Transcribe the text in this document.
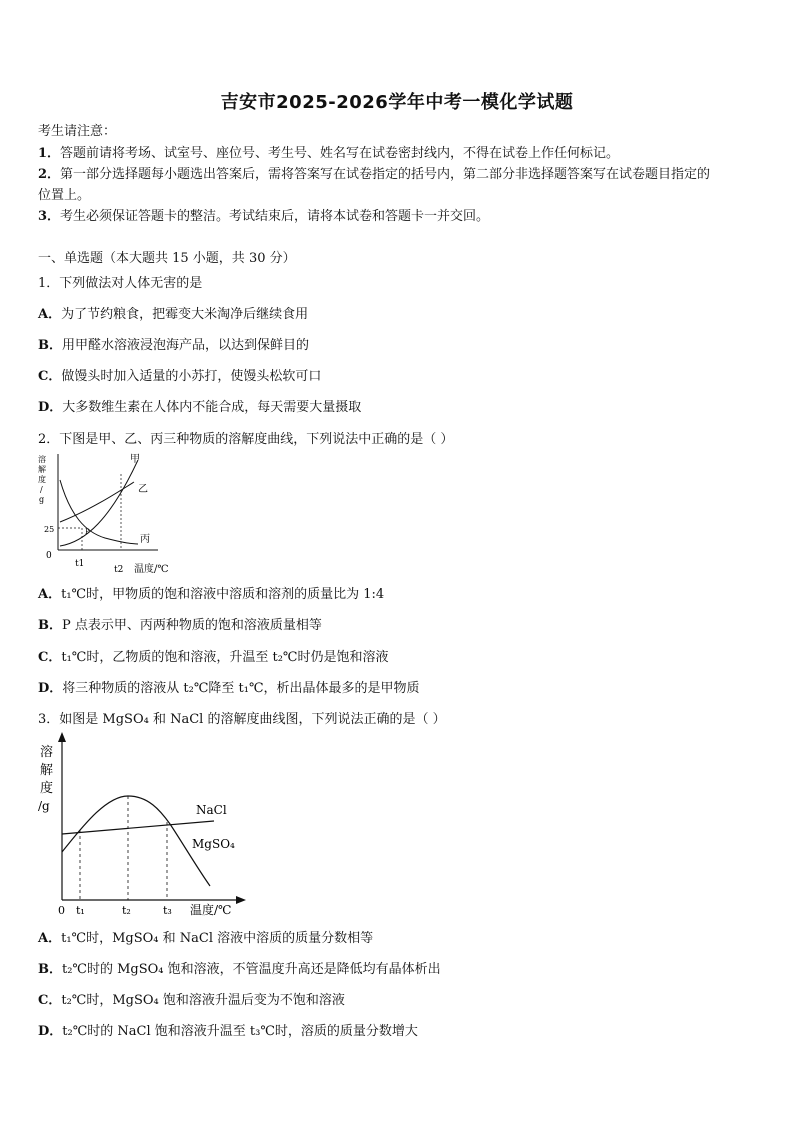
吉安市2025-2026学年中考一模化学试题
考生请注意：
1．答题前请将考场、试室号、座位号、考生号、姓名写在试卷密封线内，不得在试卷上作任何标记。
2．第一部分选择题每小题选出答案后，需将答案写在试卷指定的括号内，第二部分非选择题答案写在试卷题目指定的
位置上。
3．考生必须保证答题卡的整洁。考试结束后，请将本试卷和答题卡一并交回。
一、单选题（本大题共 15 小题，共 30 分）
1．下列做法对人体无害的是
A．为了节约粮食，把霉变大米淘净后继续食用
B．用甲醛水溶液浸泡海产品，以达到保鲜目的
C．做馒头时加入适量的小苏打，使馒头松软可口
D．大多数维生素在人体内不能合成，每天需要大量摄取
2．下图是甲、乙、丙三种物质的溶解度曲线，下列说法中正确的是（ ）
溶
解
度
/
g
25
0
t1
t2 温度/℃
P
甲
乙
丙
A．t₁℃时，甲物质的饱和溶液中溶质和溶剂的质量比为 1:4
B．P 点表示甲、丙两种物质的饱和溶液质量相等
C．t₁℃时，乙物质的饱和溶液，升温至 t₂℃时仍是饱和溶液
D．将三种物质的溶液从 t₂℃降至 t₁℃，析出晶体最多的是甲物质
3．如图是 MgSO₄ 和 NaCl 的溶解度曲线图，下列说法正确的是（ ）
溶
解
度
/g
0 t₁	t₂	t₃ 温度/℃
NaCl
MgSO₄
A．t₁℃时，MgSO₄ 和 NaCl 溶液中溶质的质量分数相等
B．t₂℃时的 MgSO₄ 饱和溶液，不管温度升高还是降低均有晶体析出
C．t₂℃时，MgSO₄ 饱和溶液升温后变为不饱和溶液
D．t₂℃时的 NaCl 饱和溶液升温至 t₃℃时，溶质的质量分数增大
